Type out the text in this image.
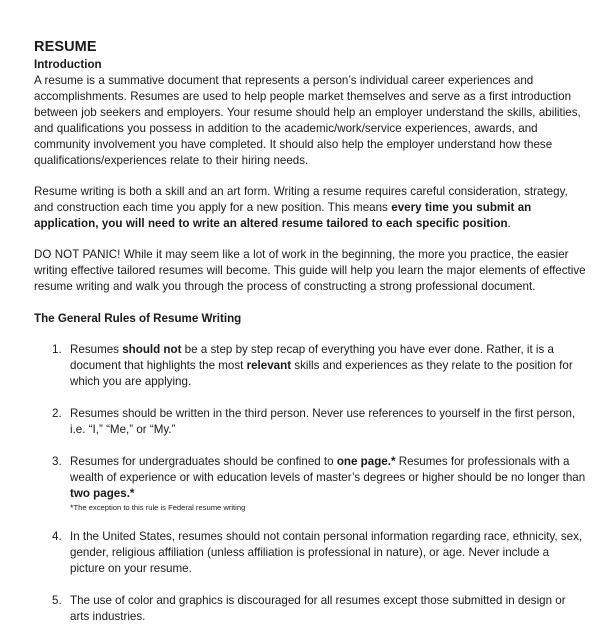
RESUME
Introduction

A resume is a summative document that represents a person’s individual career experiences and accomplishments. Resumes are used to help people market themselves and serve as a first introduction between job seekers and employers. Your resume should help an employer understand the skills, abilities, and qualifications you possess in addition to the academic/work/service experiences, awards, and community involvement you have completed. It should also help the employer understand how these qualifications/experiences relate to their hiring needs.

Resume writing is both a skill and an art form. Writing a resume requires careful consideration, strategy, and construction each time you apply for a new position. This means every time you submit an application, you will need to write an altered resume tailored to each specific position.

DO NOT PANIC! While it may seem like a lot of work in the beginning, the more you practice, the easier writing effective tailored resumes will become. This guide will help you learn the major elements of effective resume writing and walk you through the process of constructing a strong professional document.

The General Rules of Resume Writing
1. Resumes should not be a step by step recap of everything you have ever done. Rather, it is a document that highlights the most relevant skills and experiences as they relate to the position for which you are applying.
2. Resumes should be written in the third person. Never use references to yourself in the first person, i.e. “I,” “Me,” or “My.”
3. Resumes for undergraduates should be confined to one page.* Resumes for professionals with a wealth of experience or with education levels of master’s degrees or higher should be no longer than two pages.*
*The exception to this rule is Federal resume writing
4. In the United States, resumes should not contain personal information regarding race, ethnicity, sex, gender, religious affiliation (unless affiliation is professional in nature), or age. Never include a picture on your resume.
5. The use of color and graphics is discouraged for all resumes except those submitted in design or arts industries.
